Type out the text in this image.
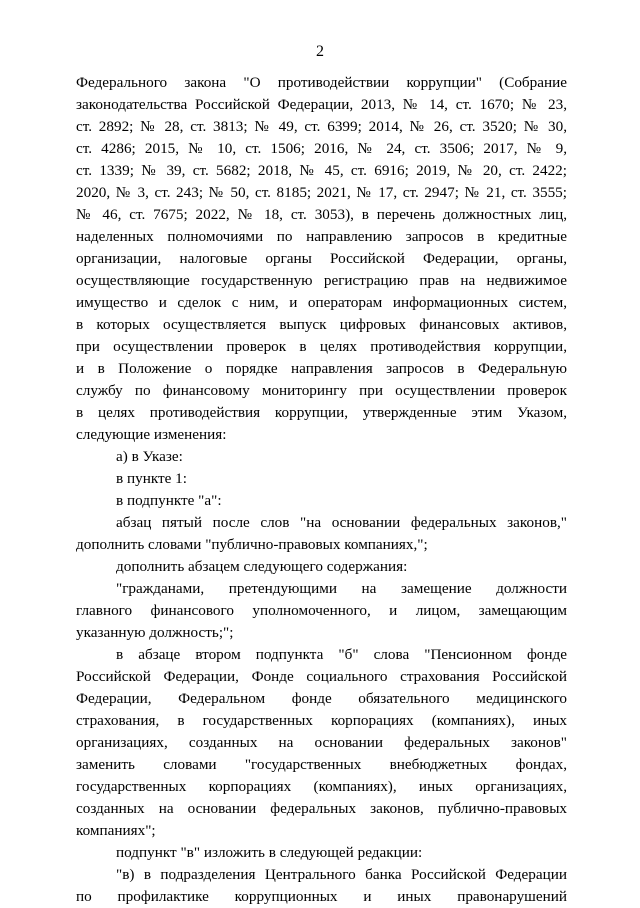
2
Федерального закона "О противодействии коррупции" (Собрание
законодательства Российской Федерации, 2013, № 14, ст. 1670; № 23,
ст. 2892; № 28, ст. 3813; № 49, ст. 6399; 2014, № 26, ст. 3520; № 30,
ст. 4286; 2015, № 10, ст. 1506; 2016, № 24, ст. 3506; 2017, № 9,
ст. 1339; № 39, ст. 5682; 2018, № 45, ст. 6916; 2019, № 20, ст. 2422;
2020, № 3, ст. 243; № 50, ст. 8185; 2021, № 17, ст. 2947; № 21, ст. 3555;
№ 46, ст. 7675; 2022, № 18, ст. 3053), в перечень должностных лиц,
наделенных полномочиями по направлению запросов в кредитные
организации, налоговые органы Российской Федерации, органы,
осуществляющие государственную регистрацию прав на недвижимое
имущество и сделок с ним, и операторам информационных систем,
в которых осуществляется выпуск цифровых финансовых активов,
при осуществлении проверок в целях противодействия коррупции,
и в Положение о порядке направления запросов в Федеральную
службу по финансовому мониторингу при осуществлении проверок
в целях противодействия коррупции, утвержденные этим Указом,
следующие изменения:
а) в Указе:
в пункте 1:
в подпункте "а":
абзац пятый после слов "на основании федеральных законов,"
дополнить словами "публично-правовых компаниях,";
дополнить абзацем следующего содержания:
"гражданами, претендующими на замещение должности
главного финансового уполномоченного, и лицом, замещающим
указанную должность;";
в абзаце втором подпункта "б" слова "Пенсионном фонде
Российской Федерации, Фонде социального страхования Российской
Федерации, Федеральном фонде обязательного медицинского
страхования, в государственных корпорациях (компаниях), иных
организациях, созданных на основании федеральных законов"
заменить словами "государственных внебюджетных фондах,
государственных корпорациях (компаниях), иных организациях,
созданных на основании федеральных законов, публично-правовых
компаниях";
подпункт "в" изложить в следующей редакции:
"в) в подразделения Центрального банка Российской Федерации
по профилактике коррупционных и иных правонарушений
